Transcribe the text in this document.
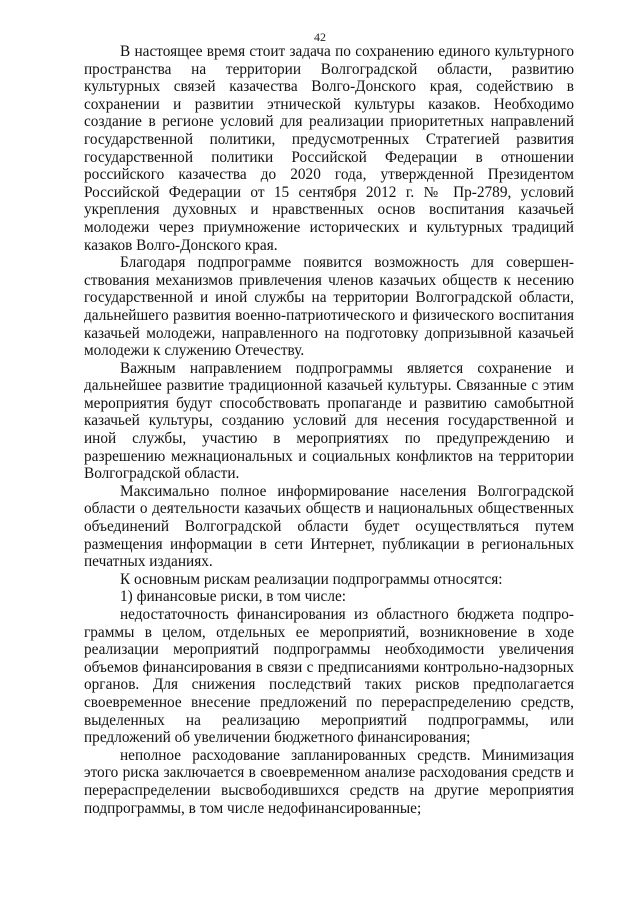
42

В настоящее время стоит задача по сохранению единого культурного пространства на территории Волгоградской области, развитию культурных связей казачества Волго-Донского края, содействию в сохранении и развитии этнической культуры казаков. Необходимо создание в регионе условий для реализации приоритетных направлений государственной политики, предусмотренных Стратегией развития государственной политики Российской Федерации в отношении российского казачества до 2020 года, утвержденной Президентом Российской Федерации от 15 сентября 2012 г. № Пр-2789, условий укрепления духовных и нравственных основ воспитания казачьей молодежи через приумножение исторических и культурных традиций казаков Волго-Донского края.

Благодаря подпрограмме появится возможность для совершен-ствования механизмов привлечения членов казачьих обществ к несению государственной и иной службы на территории Волгоградской области, дальнейшего развития военно-патриотического и физического воспитания казачьей молодежи, направленного на подготовку допризывной казачьей молодежи к служению Отечеству.

Важным направлением подпрограммы является сохранение и дальнейшее развитие традиционной казачьей культуры. Связанные с этим мероприятия будут способствовать пропаганде и развитию самобытной казачьей культуры, созданию условий для несения государственной и иной службы, участию в мероприятиях по предупреждению и разрешению межнациональных и социальных конфликтов на территории Волгоградской области.

Максимально полное информирование населения Волгоградской области о деятельности казачьих обществ и национальных общественных объединений Волгоградской области будет осуществляться путем размещения информации в сети Интернет, публикации в региональных печатных изданиях.

К основным рискам реализации подпрограммы относятся:

1) финансовые риски, в том числе:

недостаточность финансирования из областного бюджета подпро-граммы в целом, отдельных ее мероприятий, возникновение в ходе реализации мероприятий подпрограммы необходимости увеличения объемов финансирования в связи с предписаниями контрольно-надзорных органов. Для снижения последствий таких рисков предполагается своевременное внесение предложений по перераспределению средств, выделенных на реализацию мероприятий подпрограммы, или предложений об увеличении бюджетного финансирования;

неполное расходование запланированных средств. Минимизация этого риска заключается в своевременном анализе расходования средств и перераспределении высвободившихся средств на другие мероприятия подпрограммы, в том числе недофинансированные;
